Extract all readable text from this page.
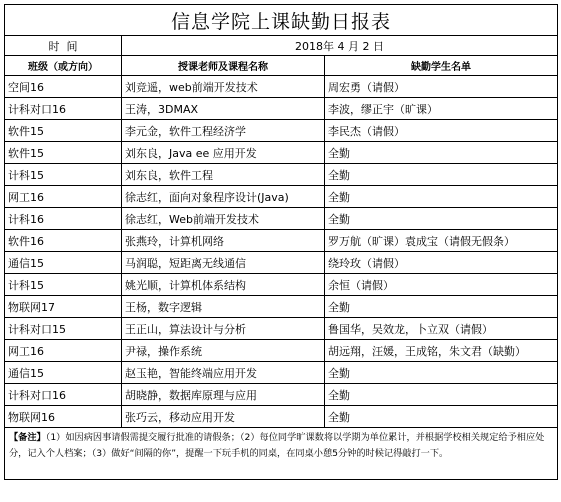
信息学院上课缺勤日报表		
时  间	2018年 4 月 2 日	
班级（或方向）	授课老师及课程名称	缺勤学生名单
空间16	刘竞遥，web前端开发技术	周宏勇（请假）
计科对口16	王涛，3DMAX	李波，缪正宇（旷课）
软件15	李元金，软件工程经济学	李民杰（请假）
软件15	刘东良，Java ee 应用开发	全勤
计科15	刘东良，软件工程	全勤
网工16	徐志红，面向对象程序设计(Java)	全勤
计科16	徐志红，Web前端开发技术	全勤
软件16	张燕玲，计算机网络	罗万航（旷课）袁成宝（请假无假条）
通信15	马润聪，短距离无线通信	绕玲玫（请假）
计科15	姚光顺，计算机体系结构	余恒（请假）
物联网17	王杨，数字逻辑	全勤
计科对口15	王正山，算法设计与分析	鲁国华，吴效龙，卜立双（请假）
网工16	尹禄，操作系统	胡远翔，汪媛，王成铭，朱文君（缺勤）
通信15	赵玉艳，智能终端应用开发	全勤
计科对口16	胡晓静，数据库原理与应用	全勤
物联网16	张巧云，移动应用开发	全勤
【备注】（1）如因病因事请假需提交履行批准的请假条；（2）每位同学旷课数将以学期为单位累计，并根据学校相关规定给予相应处分，记入个人档案；（3）做好“间隔的你”，提醒一下玩手机的同桌，在同桌小憩5分钟的时候记得敲打一下。		
